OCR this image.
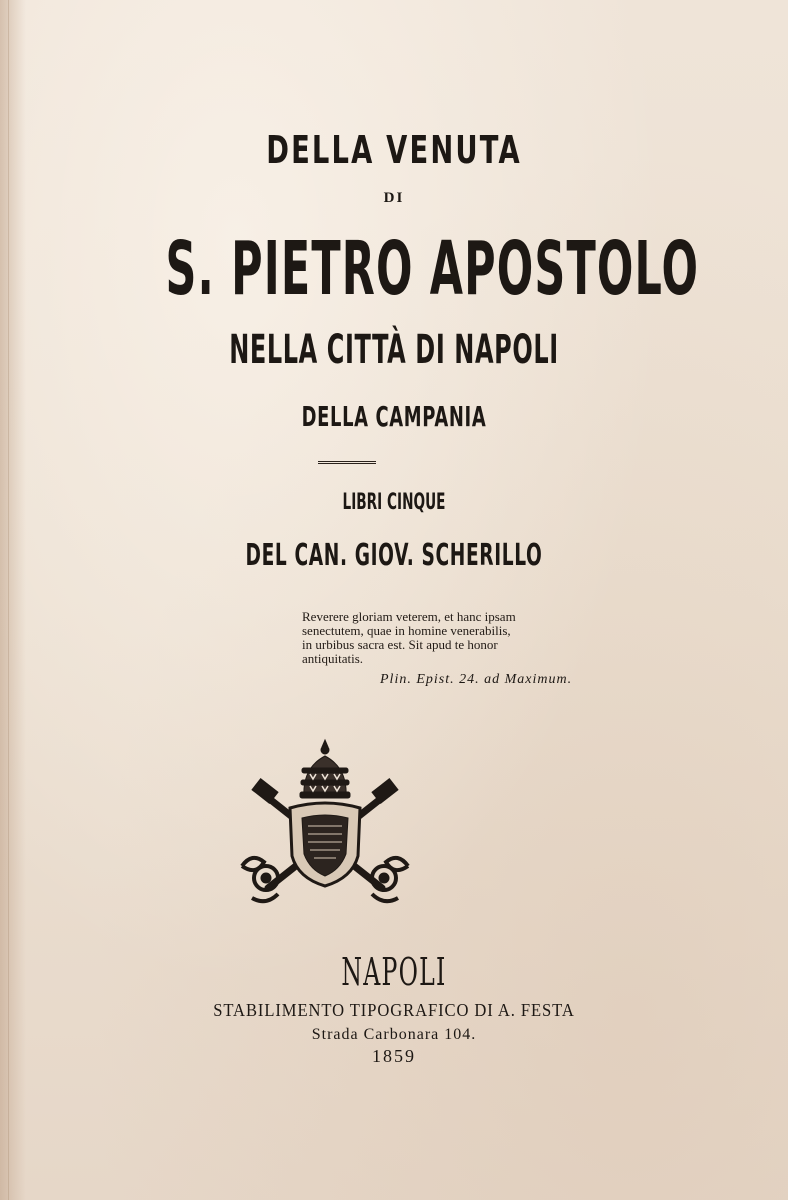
DELLA VENUTA
DI
S. PIETRO APOSTOLO
NELLA CITTÀ DI NAPOLI
DELLA CAMPANIA
LIBRI CINQUE
DEL CAN. GIOV. SCHERILLO

Reverere gloriam veterem, et hanc ipsam

senectutem, quae in homine venerabilis,

in urbibus sacra est. Sit apud te honor

antiquitatis.

Plin. Epist. 24. ad Maximum.
NAPOLI
STABILIMENTO TIPOGRAFICO DI A. FESTA
Strada Carbonara 104.
1859
